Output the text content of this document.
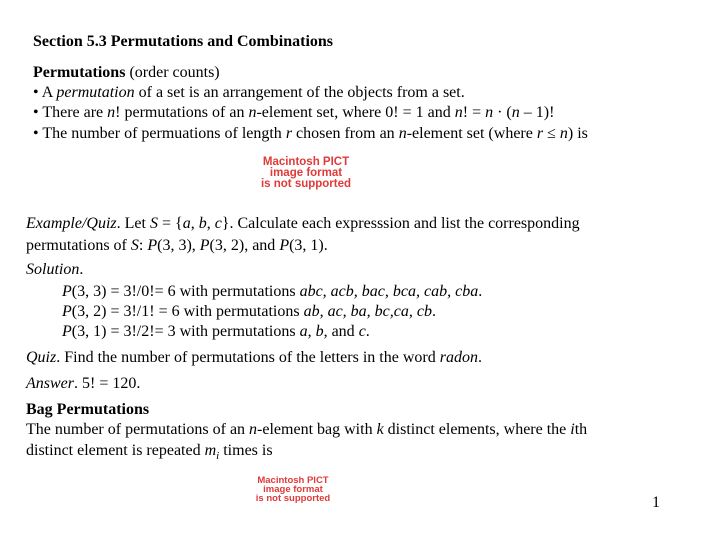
Section 5.3 Permutations and Combinations
Permutations (order counts)
• A permutation of a set is an arrangement of the objects from a set.
• There are n! permutations of an n-element set, where 0! = 1 and n! = n · (n – 1)!
• The number of permuations of length r chosen from an n-element set (where r ≤ n) is
Macintosh PICT
image format
is not supported
Example/Quiz. Let S = {a, b, c}. Calculate each expresssion and list the corresponding
permutations of S: P(3, 3), P(3, 2), and P(3, 1).
Solution.
P(3, 3) = 3!/0!= 6 with permutations abc, acb, bac, bca, cab, cba.
P(3, 2) = 3!/1! = 6 with permutations ab, ac, ba, bc,ca, cb.
P(3, 1) = 3!/2!= 3 with permutations a, b, and c.
Quiz. Find the number of permutations of the letters in the word radon.
Answer. 5! = 120.
Bag Permutations
The number of permutations of an n-element bag with k distinct elements, where the ith
distinct element is repeated $m_i$ times is
Macintosh PICT
image format
is not supported	1
